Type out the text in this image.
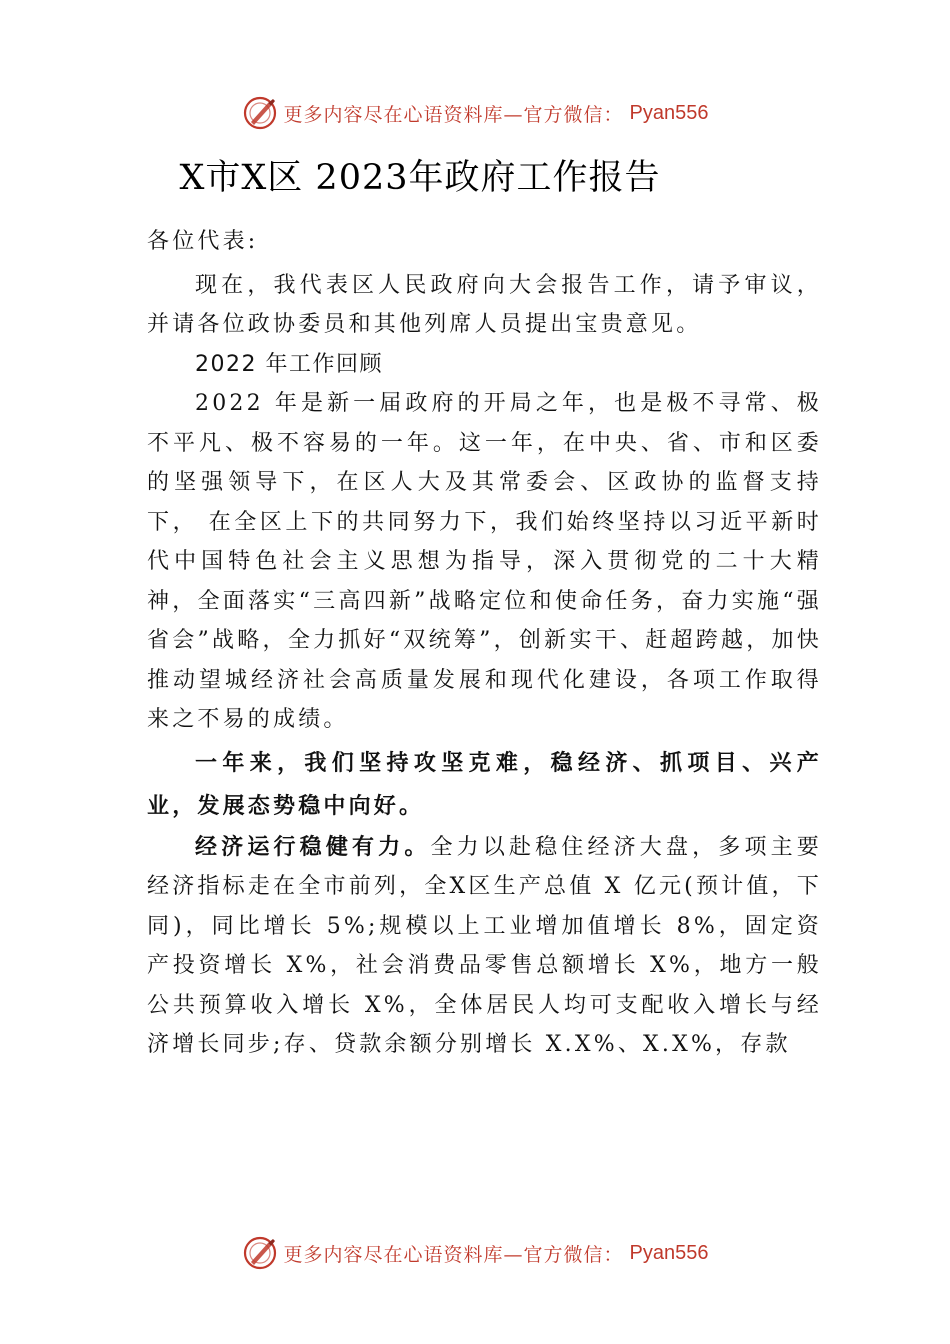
更多内容尽在心语资料库—官方微信： Pyan556
X市X区 2023年政府工作报告

各位代表:

现在，我代表区人民政府向大会报告工作，请予审议，并请各位政协委员和其他列席人员提出宝贵意见。

2022 年工作回顾

2022 年是新一届政府的开局之年，也是极不寻常、极不平凡、极不容易的一年。这一年，在中央、省、市和区委的坚强领导下，在区人大及其常委会、区政协的监督支持下， 在全区上下的共同努力下，我们始终坚持以习近平新时代中国特色社会主义思想为指导，深入贯彻党的二十大精神，全面落实“三高四新”战略定位和使命任务，奋力实施“强省会”战略，全力抓好“双统筹”，创新实干、赶超跨越，加快推动望城经济社会高质量发展和现代化建设，各项工作取得来之不易的成绩。

一年来，我们坚持攻坚克难，稳经济、抓项目、兴产业，发展态势稳中向好。

经济运行稳健有力。全力以赴稳住经济大盘，多项主要经济指标走在全市前列，全X区生产总值 X 亿元(预计值，下同)，同比增长 5%;规模以上工业增加值增长 8%，固定资产投资增长 X%，社会消费品零售总额增长 X%，地方一般公共预算收入增长 X%，全体居民人均可支配收入增长与经济增长同步;存、贷款余额分别增长 X.X%、X.X%，存款

更多内容尽在心语资料库—官方微信： Pyan556
